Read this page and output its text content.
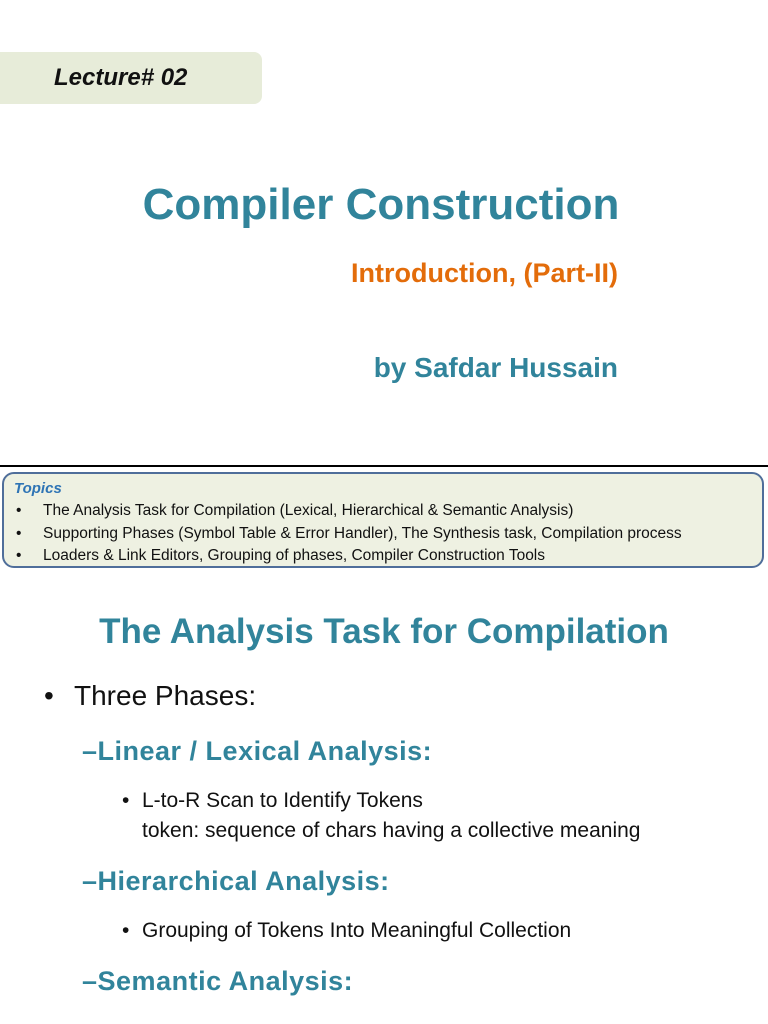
Lecture# 02
Compiler Construction
Introduction, (Part-II)
by Safdar Hussain
Topics
• The Analysis Task for Compilation (Lexical, Hierarchical & Semantic Analysis)
• Supporting Phases (Symbol Table & Error Handler), The Synthesis task, Compilation process
• Loaders & Link Editors, Grouping of phases, Compiler Construction Tools
The Analysis Task for Compilation
• Three Phases:
–Linear / Lexical Analysis:
• L-to-R Scan to Identify Tokens
token: sequence of chars having a collective meaning
–Hierarchical Analysis:
• Grouping of Tokens Into Meaningful Collection
–Semantic Analysis:
